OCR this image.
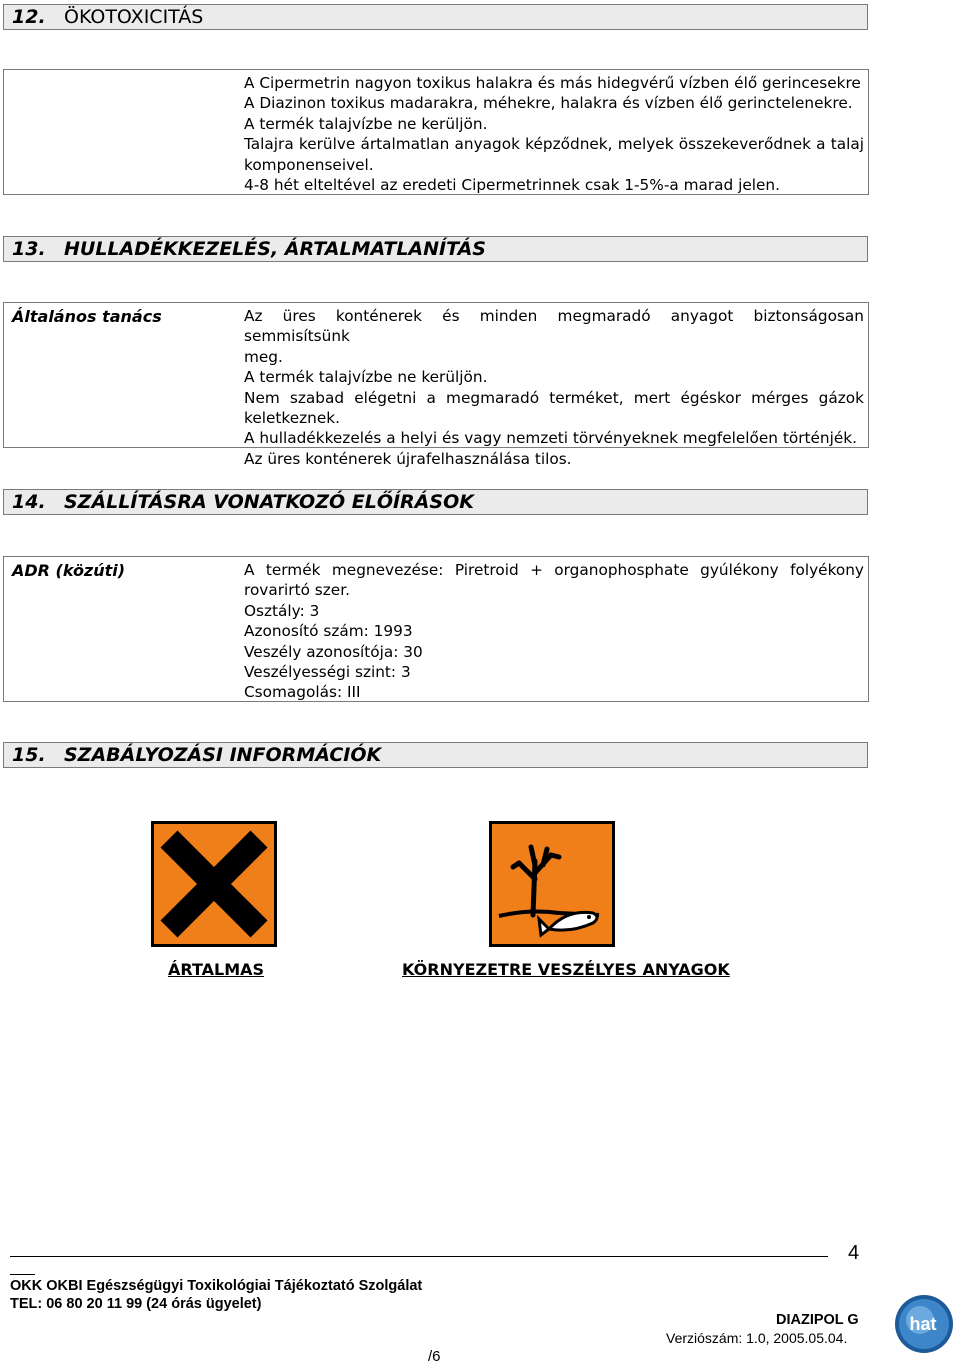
12. ÖKOTOXICITÁS
A Cipermetrin nagyon toxikus halakra és más hidegvérű vízben élő gerincesekre
A Diazinon toxikus madarakra, méhekre, halakra és vízben élő gerinctelenekre.
A termék talajvízbe ne kerüljön.
Talajra kerülve ártalmatlan anyagok képződnek, melyek összekeverődnek a talaj
komponenseivel.
4-8 hét elteltével az eredeti Cipermetrinnek csak 1-5%-a marad jelen.
13. HULLADÉKKEZELÉS, ÁRTALMATLANÍTÁS
Általános tanács	Az üres konténerek és minden megmaradó anyagot biztonságosan semmisítsünk
meg.
A termék talajvízbe ne kerüljön.
Nem szabad elégetni a megmaradó terméket, mert égéskor mérges gázok
keletkeznek.
A hulladékkezelés a helyi és vagy nemzeti törvényeknek megfelelően történjék.
Az üres konténerek újrafelhasználása tilos.
14. SZÁLLÍTÁSRA VONATKOZÓ ELŐÍRÁSOK
ADR (közúti)	A termék megnevezése: Piretroid + organophosphate gyúlékony folyékony
rovarirtó szer.
Osztály: 3
Azonosító szám: 1993
Veszély azonosítója: 30
Veszélyességi szint: 3
Csomagolás: III
15. SZABÁLYOZÁSI INFORMÁCIÓK
ÁRTALMAS	KÖRNYEZETRE VESZÉLYES ANYAGOK
4
OKK OKBI Egészségügyi Toxikológiai Tájékoztató Szolgálat
TEL: 06 80 20 11 99 (24 órás ügyelet)
DIAZIPOL G
Verziószám: 1.0, 2005.05.04.
/6
hat
